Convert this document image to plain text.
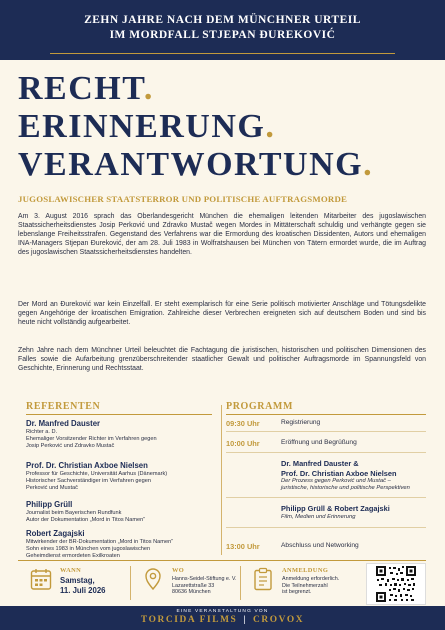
ZEHN JAHRE NACH DEM MÜNCHNER URTEIL
IM MORDFALL STJEPAN ĐUREKOVIĆ
RECHT.
ERINNERUNG.
VERANTWORTUNG.
JUGOSLAWISCHER STAATSTERROR UND POLITISCHE AUFTRAGSMORDE

Am 3. August 2016 sprach das Oberlandesgericht München die ehemaligen leitenden Mitarbeiter des jugoslawischen Staatssicherheitsdienstes Josip Perković und Zdravko Mustač wegen Mordes in Mittäterschaft schuldig und verhängte gegen sie lebenslange Freiheitsstrafen. Gegenstand des Verfahrens war die Ermordung des kroatischen Dissidenten, Autors und ehemaligen INA-Managers Stjepan Đureković, der am 28. Juli 1983 in Wolfratshausen bei München von Tätern ermordet wurde, die im Auftrag des jugoslawischen Staatssicherheitsdienstes handelten.

Der Mord an Đureković war kein Einzelfall. Er steht exemplarisch für eine Serie politisch motivierter Anschläge und Tötungsdelikte gegen Angehörige der kroatischen Emigration. Zahlreiche dieser Verbrechen ereigneten sich auf deutschem Boden und sind bis heute nicht vollständig aufgearbeitet.

Zehn Jahre nach dem Münchner Urteil beleuchtet die Fachtagung die juristischen, historischen und politischen Dimensionen des Falles sowie die Aufarbeitung grenzüberschreitender staatlicher Gewalt und politischer Auftragsmorde im Spannungsfeld von Geschichte, Erinnerung und Rechtsstaat.

REFERENTEN
Dr. Manfred Dauster
Richter a. D.
Ehemaliger Vorsitzender Richter im Verfahren gegen
Josip Perković und Zdravko Mustač
Prof. Dr. Christian Axboe Nielsen
Professor für Geschichte, Universität Aarhus (Dänemark)
Historischer Sachverständiger im Verfahren gegen
Perković und Mustač
Philipp Grüll
Journalist beim Bayerischen Rundfunk
Autor der Dokumentation „Mord in Titos Namen“
Robert Zagajski
Mitwirkender der BR-Dokumentation „Mord in Titos Namen“
Sohn eines 1983 in München vom jugoslawischen
Geheimdienst ermordeten Exilkroaten
PROGRAMM
09:30 Uhr	Registrierung
10:00 Uhr	Eröffnung und Begrüßung
Dr. Manfred Dauster &
Prof. Dr. Christian Axboe Nielsen
Der Prozess gegen Perković und Mustač –
juristische, historische und politische Perspektiven
Philipp Grüll & Robert Zagajski
Film, Medien und Erinnerung
13:00 Uhr	Abschluss und Networking
WANN
Samstag,
11. Juli 2026
WO
Hanns-Seidel-Stiftung e. V.
Lazarettstraße 33
80636 München
ANMELDUNG
Anmeldung erforderlich.
Die Teilnehmerzahl
ist begrenzt.
EINE VERANSTALTUNG VON
TORCIDA FILMS | CROVOX
